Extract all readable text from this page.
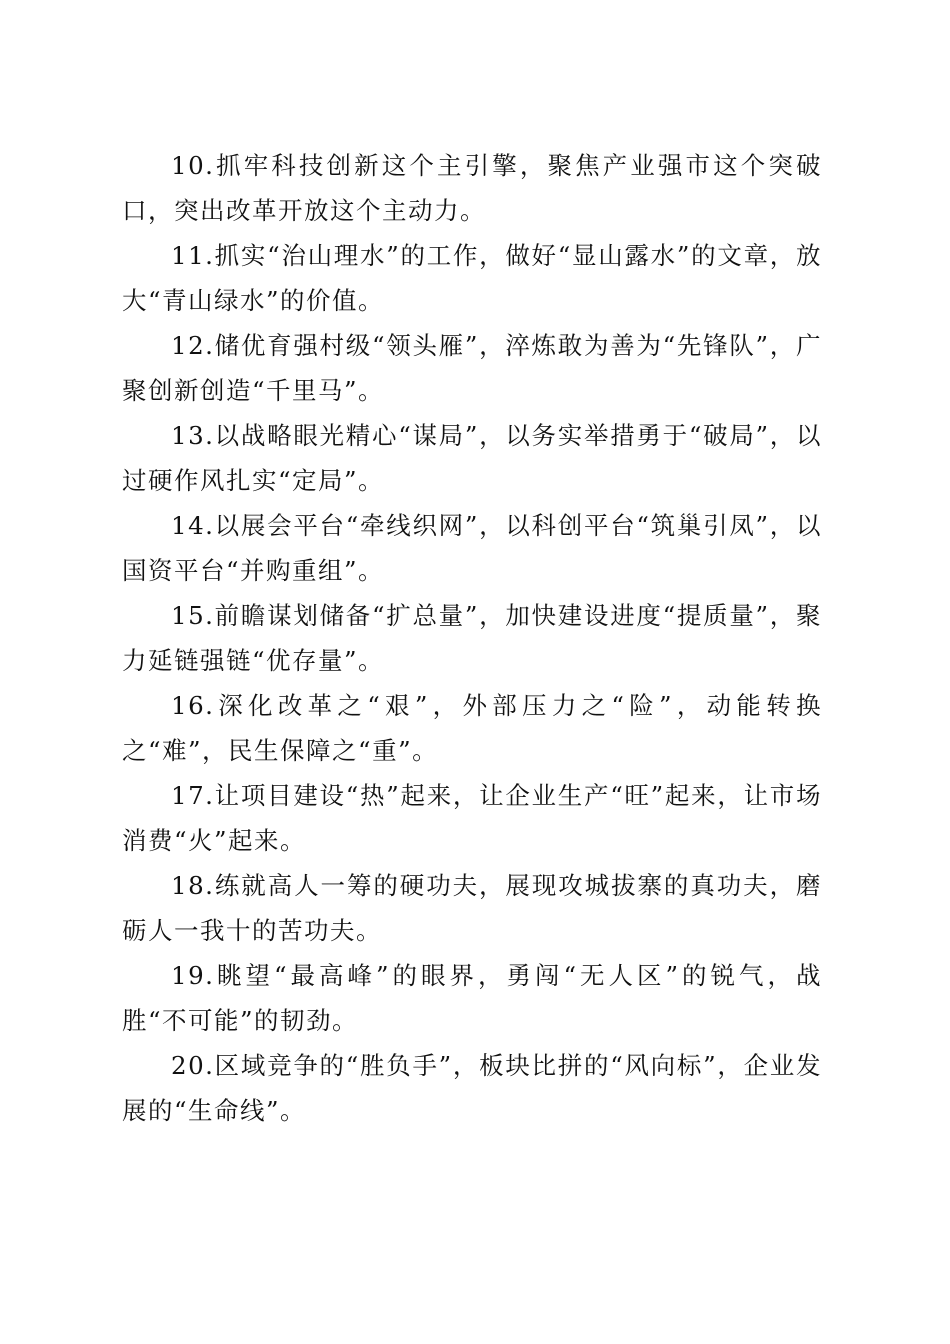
10.抓牢科技创新这个主引擎，聚焦产业强市这个突破口，突出改革开放这个主动力。

11.抓实“治山理水”的工作，做好“显山露水”的文章，放大“青山绿水”的价值。

12.储优育强村级“领头雁”，淬炼敢为善为“先锋队”，广聚创新创造“千里马”。

13.以战略眼光精心“谋局”，以务实举措勇于“破局”，以过硬作风扎实“定局”。

14.以展会平台“牵线织网”，以科创平台“筑巢引凤”，以国资平台“并购重组”。

15.前瞻谋划储备“扩总量”，加快建设进度“提质量”，聚力延链强链“优存量”。

16.深化改革之“艰”，外部压力之“险”，动能转换之“难”，民生保障之“重”。

17.让项目建设“热”起来，让企业生产“旺”起来，让市场消费“火”起来。

18.练就高人一筹的硬功夫，展现攻城拔寨的真功夫，磨砺人一我十的苦功夫。

19.眺望“最高峰”的眼界，勇闯“无人区”的锐气，战胜“不可能”的韧劲。

20.区域竞争的“胜负手”，板块比拼的“风向标”，企业发展的“生命线”。
